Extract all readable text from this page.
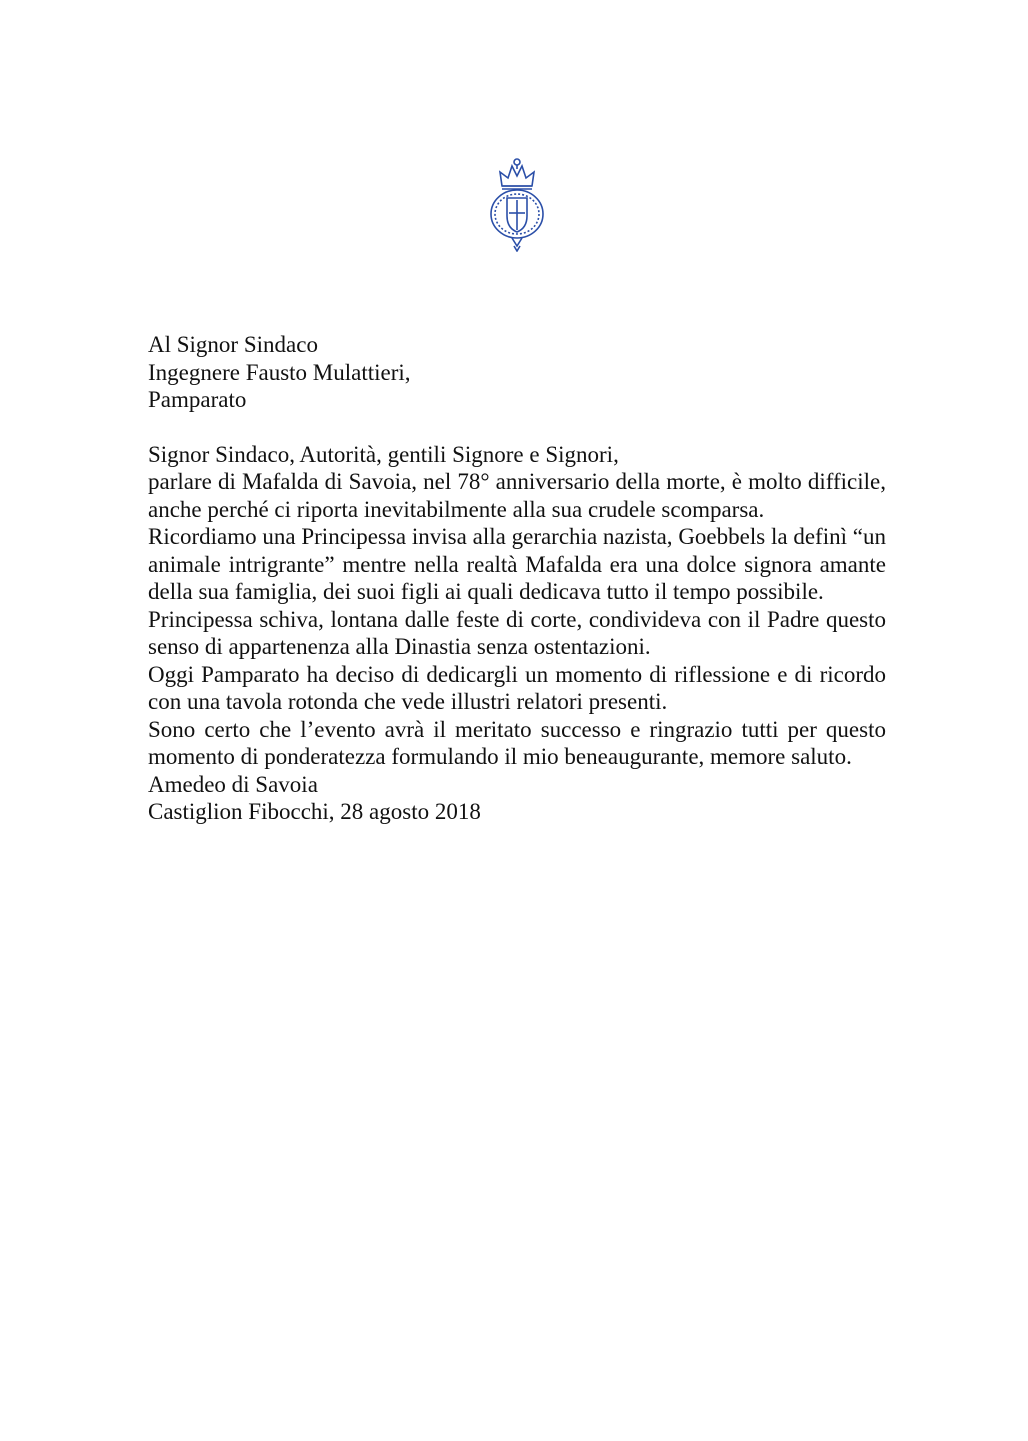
Al Signor Sindaco
Ingegnere Fausto Mulattieri,
Pamparato
Signor Sindaco, Autorità, gentili Signore e Signori,
parlare di Mafalda di Savoia, nel 78° anniversario della morte, è molto difficile, anche perché ci riporta inevitabilmente alla sua crudele scomparsa.
Ricordiamo una Principessa invisa alla gerarchia nazista, Goebbels la definì “un animale intrigrante” mentre nella realtà Mafalda era una dolce signora amante della sua famiglia, dei suoi figli ai quali dedicava tutto il tempo possibile.
Principessa schiva, lontana dalle feste di corte, condivideva con il Padre questo senso di appartenenza alla Dinastia senza ostentazioni.
Oggi Pamparato ha deciso di dedicargli un momento di riflessione e di ricordo con una tavola rotonda che vede illustri relatori presenti.
Sono certo che l’evento avrà il meritato successo e ringrazio tutti per questo momento di ponderatezza formulando il mio beneaugurante, memore saluto.
Amedeo di Savoia
Castiglion Fibocchi, 28 agosto 2018
